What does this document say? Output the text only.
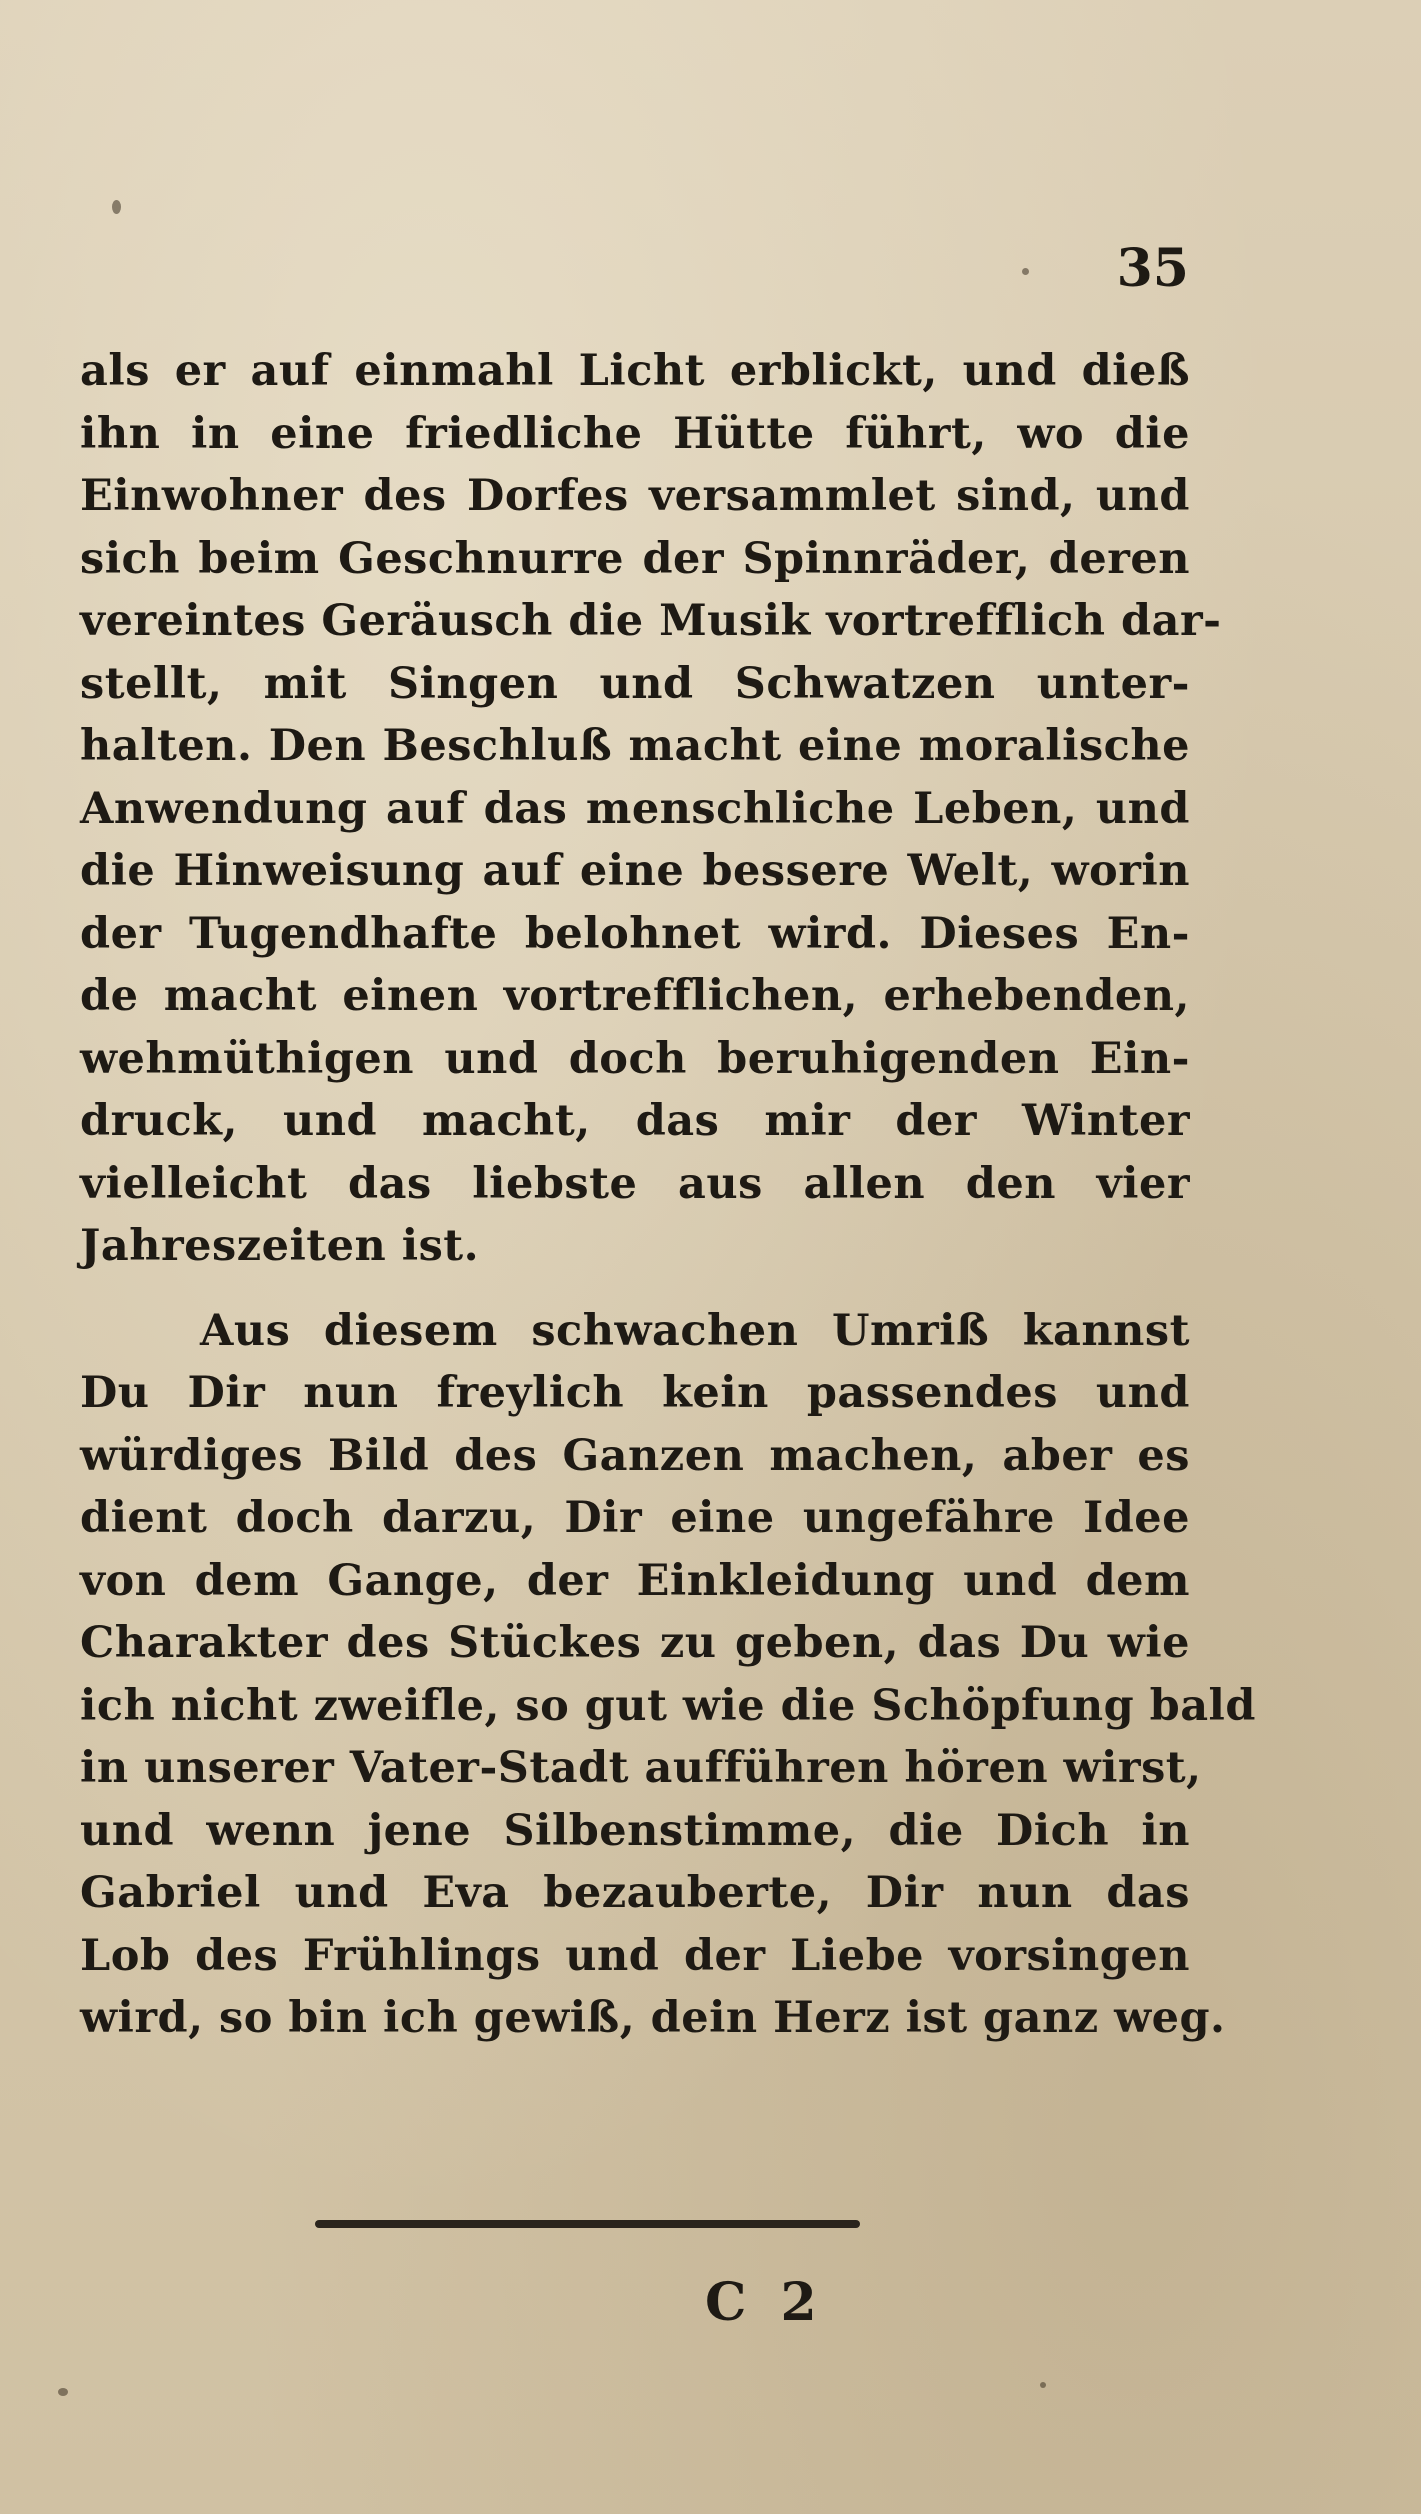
35
als er auf einmahl Licht erblickt, und dieß
ihn in eine friedliche Hütte führt, wo die
Einwohner des Dorfes versammlet sind, und
sich beim Geschnurre der Spinnräder, deren
vereintes Geräusch die Musik vortrefflich dar-
stellt, mit Singen und Schwatzen unter-
halten. Den Beschluß macht eine moralische
Anwendung auf das menschliche Leben, und
die Hinweisung auf eine bessere Welt, worin
der Tugendhafte belohnet wird. Dieses En-
de macht einen vortrefflichen, erhebenden,
wehmüthigen und doch beruhigenden Ein-
druck, und macht, das mir der Winter
vielleicht das liebste aus allen den vier
Jahreszeiten ist.
Aus diesem schwachen Umriß kannst
Du Dir nun freylich kein passendes und
würdiges Bild des Ganzen machen, aber es
dient doch darzu, Dir eine ungefähre Idee
von dem Gange, der Einkleidung und dem
Charakter des Stückes zu geben, das Du wie
ich nicht zweifle, so gut wie die Schöpfung bald
in unserer Vater-Stadt aufführen hören wirst,
und wenn jene Silbenstimme, die Dich in
Gabriel und Eva bezauberte, Dir nun das
Lob des Frühlings und der Liebe vorsingen
wird, so bin ich gewiß, dein Herz ist ganz weg.
C 2
